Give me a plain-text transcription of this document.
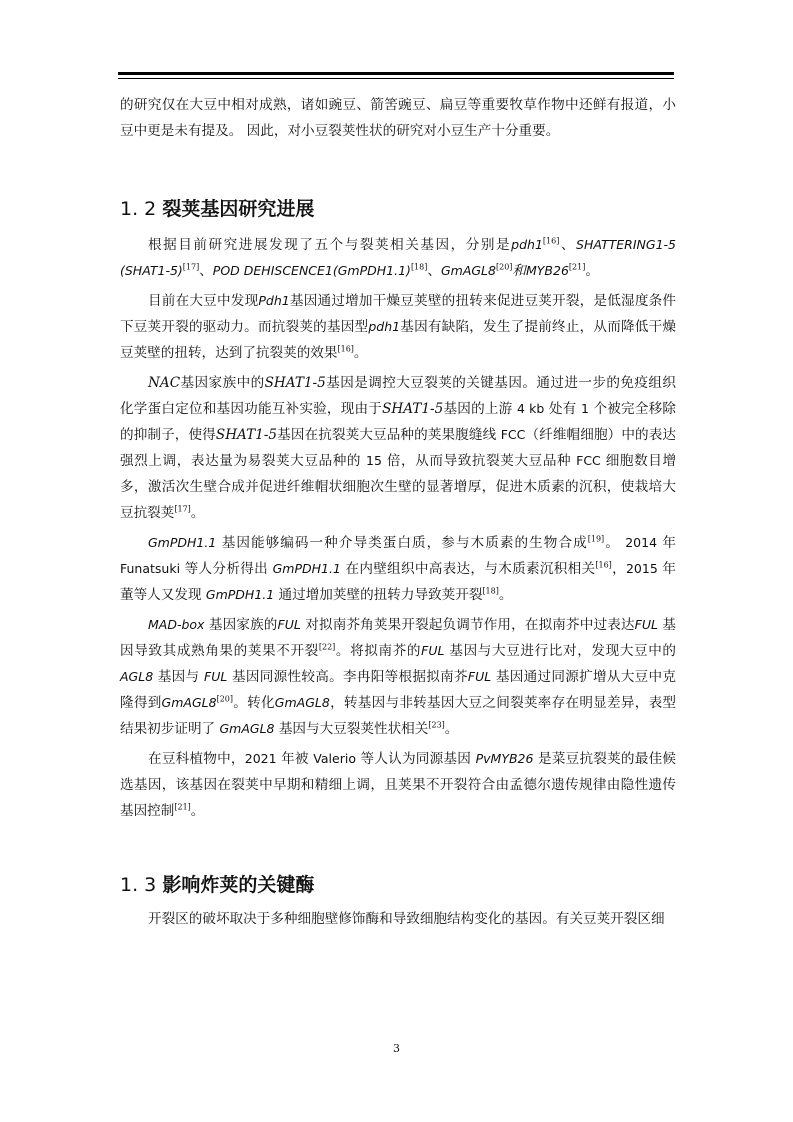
的研究仅在大豆中相对成熟，诸如豌豆、箭筈豌豆、扁豆等重要牧草作物中还鲜有报道，小豆中更是未有提及。 因此，对小豆裂荚性状的研究对小豆生产十分重要。

1. 2 裂荚基因研究进展

根据目前研究进展发现了五个与裂荚相关基因，分别是pdh1[16]、SHATTERING1-5 (SHAT1-5)[17]、POD DEHISCENCE1(GmPDH1.1)[18]、GmAGL8[20]和MYB26[21]。

目前在大豆中发现Pdh1基因通过增加干燥豆荚壁的扭转来促进豆荚开裂，是低湿度条件下豆荚开裂的驱动力。而抗裂荚的基因型pdh1基因有缺陷，发生了提前终止，从而降低干燥豆荚壁的扭转，达到了抗裂荚的效果[16]。

NAC基因家族中的SHAT1-5基因是调控大豆裂荚的关键基因。通过进一步的免疫组织化学蛋白定位和基因功能互补实验，现由于SHAT1-5基因的上游 4 kb 处有 1 个被完全移除的抑制子，使得SHAT1-5基因在抗裂荚大豆品种的荚果腹缝线 FCC（纤维帽细胞）中的表达强烈上调，表达量为易裂荚大豆品种的 15 倍，从而导致抗裂荚大豆品种 FCC 细胞数目增多，激活次生壁合成并促进纤维帽状细胞次生壁的显著增厚，促进木质素的沉积，使栽培大豆抗裂荚[17]。

GmPDH1.1 基因能够编码一种介导类蛋白质，参与木质素的生物合成[19]。 2014 年Funatsuki 等人分析得出 GmPDH1.1 在内壁组织中高表达，与木质素沉积相关[16]，2015 年董等人又发现 GmPDH1.1 通过增加荚壁的扭转力导致荚开裂[18]。

MAD-box 基因家族的FUL 对拟南芥角荚果开裂起负调节作用，在拟南芥中过表达FUL 基因导致其成熟角果的荚果不开裂[22]。将拟南芥的FUL 基因与大豆进行比对，发现大豆中的AGL8 基因与 FUL 基因同源性较高。李冉阳等根据拟南芥FUL 基因通过同源扩增从大豆中克隆得到GmAGL8[20]。转化GmAGL8，转基因与非转基因大豆之间裂荚率存在明显差异，表型结果初步证明了 GmAGL8 基因与大豆裂荚性状相关[23]。

在豆科植物中，2021 年被 Valerio 等人认为同源基因 PvMYB26 是菜豆抗裂荚的最佳候选基因，该基因在裂荚中早期和精细上调，且荚果不开裂符合由孟德尔遗传规律由隐性遗传基因控制[21]。

1. 3 影响炸荚的关键酶

开裂区的破坏取决于多种细胞壁修饰酶和导致细胞结构变化的基因。有关豆荚开裂区细

3
